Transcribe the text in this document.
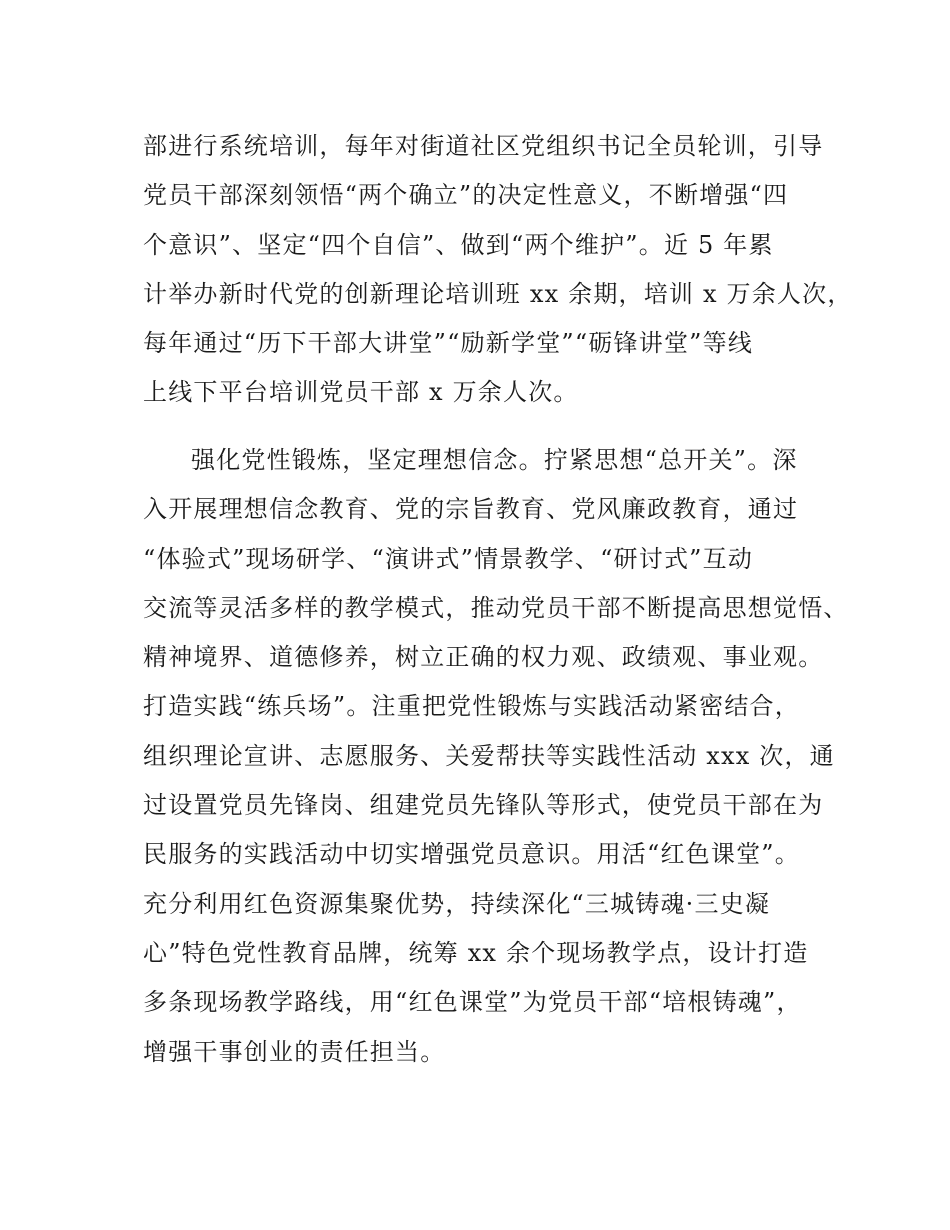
部进行系统培训，每年对街道社区党组织书记全员轮训，引导
党员干部深刻领悟“两个确立”的决定性意义，不断增强“四
个意识”、坚定“四个自信”、做到“两个维护”。近 5 年累
计举办新时代党的创新理论培训班 xx 余期，培训 x 万余人次，
每年通过“历下干部大讲堂”“励新学堂”“砺锋讲堂”等线
上线下平台培训党员干部 x 万余人次。
强化党性锻炼，坚定理想信念。拧紧思想“总开关”。深
入开展理想信念教育、党的宗旨教育、党风廉政教育，通过
“体验式”现场研学、“演讲式”情景教学、“研讨式”互动
交流等灵活多样的教学模式，推动党员干部不断提高思想觉悟、
精神境界、道德修养，树立正确的权力观、政绩观、事业观。
打造实践“练兵场”。注重把党性锻炼与实践活动紧密结合，
组织理论宣讲、志愿服务、关爱帮扶等实践性活动 xxx 次，通
过设置党员先锋岗、组建党员先锋队等形式，使党员干部在为
民服务的实践活动中切实增强党员意识。用活“红色课堂”。
充分利用红色资源集聚优势，持续深化“三城铸魂·三史凝
心”特色党性教育品牌，统筹 xx 余个现场教学点，设计打造
多条现场教学路线，用“红色课堂”为党员干部“培根铸魂”，
增强干事创业的责任担当。
